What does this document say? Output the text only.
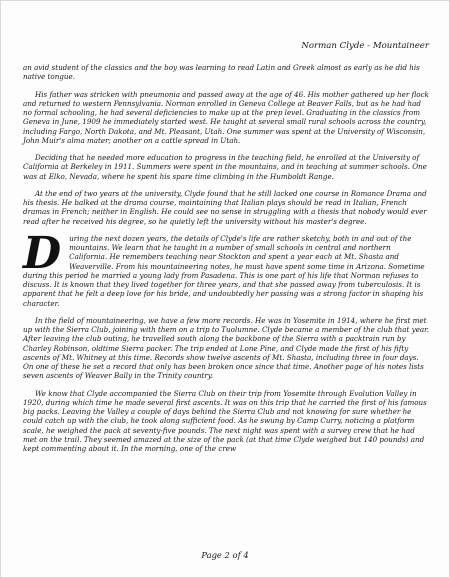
Norman Clyde - Mountaineer

an avid student of the classics and the boy was learning to read Latin and Greek almost as early as he did his native tongue.

His father was stricken with pneumonia and passed away at the age of 46. His mother gathered up her flock and returned to western Pennsylvania. Norman enrolled in Geneva College at Beaver Falls, but as he had had no formal schooling, he had several deficiencies to make up at the prep level. Graduating in the classics from Geneva in June, 1909 he immediately started west. He taught at several small rural schools across the country, including Fargo, North Dakota, and Mt. Pleasant, Utah. One summer was spent at the University of Wisconsin, John Muir's alma mater; another on a cattle spread in Utah.

Deciding that he needed more education to progress in the teaching field, he enrolled at the University of California at Berkeley in 1911. Summers were spent in the mountains, and in teaching at summer schools. One was at Elko, Nevada, where he spent his spare time climbing in the Humboldt Range.

At the end of two years at the university, Clyde found that he still lacked one course in Romance Drama and his thesis. He balked at the drama course, maintaining that Italian plays should be read in Italian, French dramas in French; neither in English. He could see no sense in struggling with a thesis that nobody would ever read after he received his degree, so he quietly left the university without his master's degree.

D uring the next dozen years, the details of Clyde's life are rather sketchy, both in and out of the mountains. We learn that he taught in a number of small schools in central and northern California. He remembers teaching near Stockton and spent a year each at Mt. Shasta and Weaverville. From his mountaineering notes, he must have spent some time in Arizona. Sometime during this period he married a young lady from Pasadena. This is one part of his life that Norman refuses to discuss. It is known that they lived together for three years, and that she passed away from tuberculosis. It is apparent that he felt a deep love for his bride, and undoubtedly her passing was a strong factor in shaping his character.

In the field of mountaineering, we have a few more records. He was in Yosemite in 1914, where he first met up with the Sierra Club, joining with them on a trip to Tuolumne. Clyde became a member of the club that year. After leaving the club outing, he travelled south along the backbone of the Sierra with a packtrain run by Charley Robinson, oldtime Sierra packer. The trip ended at Lone Pine, and Clyde made the first of his fifty ascents of Mt. Whitney at this time. Records show twelve ascents of Mt. Shasta, including three in four days. On one of these he set a record that only has been broken once since that time. Another page of his notes lists seven ascents of Weaver Bally in the Trinity country.

We know that Clyde accompanied the Sierra Club on their trip from Yosemite through Evolution Valley in 1920, during which time he made several first ascents. It was on this trip that he carried the first of his famous big packs. Leaving the Valley a couple of days behind the Sierra Club and not knowing for sure whether he could catch up with the club, he took along sufficient food. As he swung by Camp Curry, noticing a platform scale, he weighed the pack at seventy-five pounds. The next night was spent with a survey crew that he had met on the trail. They seemed amazed at the size of the pack (at that time Clyde weighed but 140 pounds) and kept commenting about it. In the morning, one of the crew

Page 2 of 4
